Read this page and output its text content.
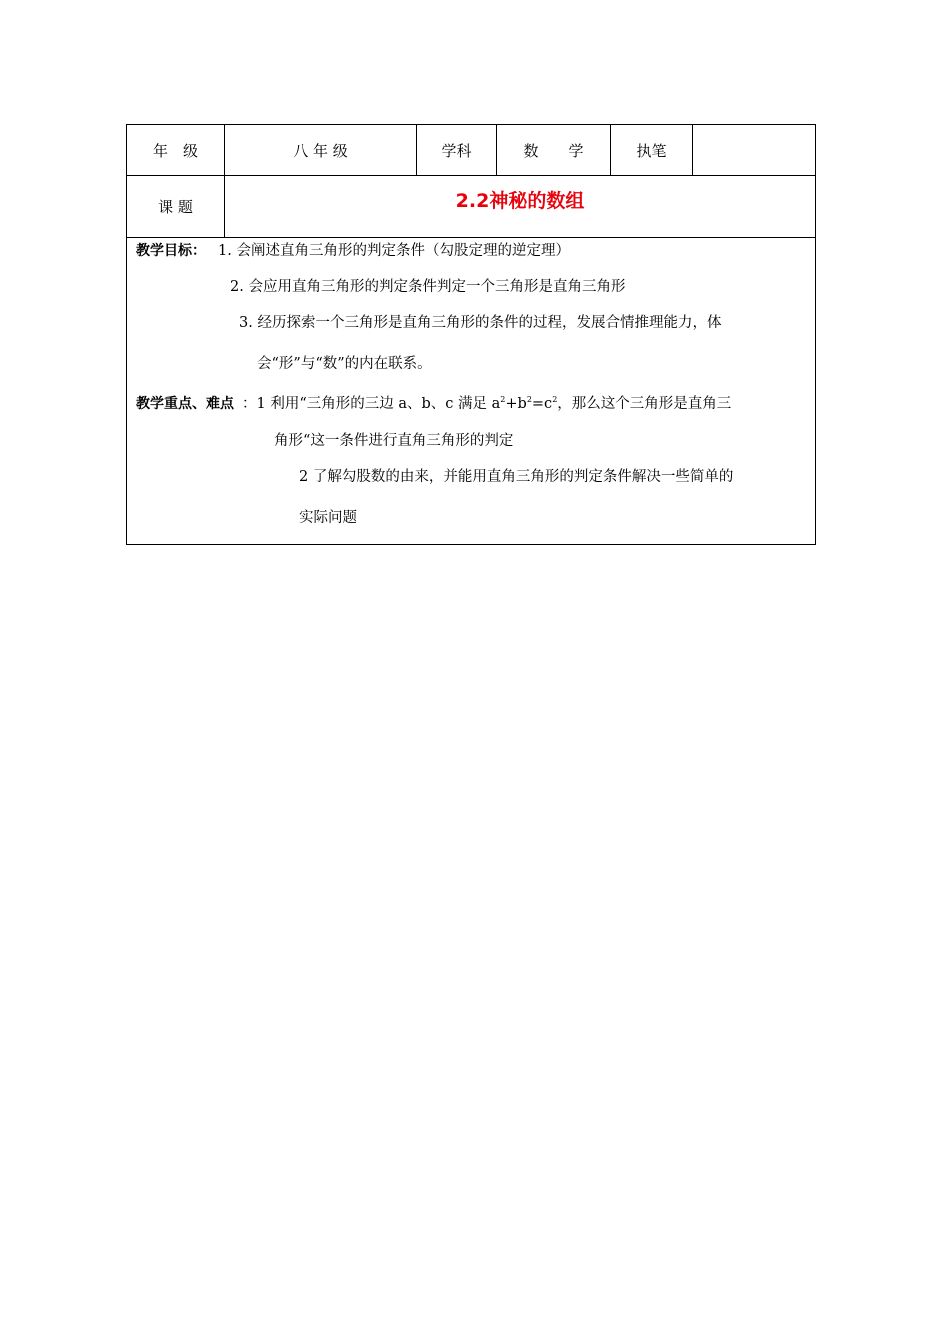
年　级	八 年 级	学科	数　　学	执笔
课 题	2.2神秘的数组
教学目标： 1. 会阐述直角三角形的判定条件（勾股定理的逆定理）
2. 会应用直角三角形的判定条件判定一个三角形是直角三角形
3. 经历探索一个三角形是直角三角形的条件的过程，发展合情推理能力，体
会“形”与“数”的内在联系。
教学重点、难点 ：1 利用“三角形的三边 a、b、c 满足 $a^2+b^2=c^2$，那么这个三角形是直角三
角形“这一条件进行直角三角形的判定
2 了解勾股数的由来，并能用直角三角形的判定条件解决一些简单的
实际问题
